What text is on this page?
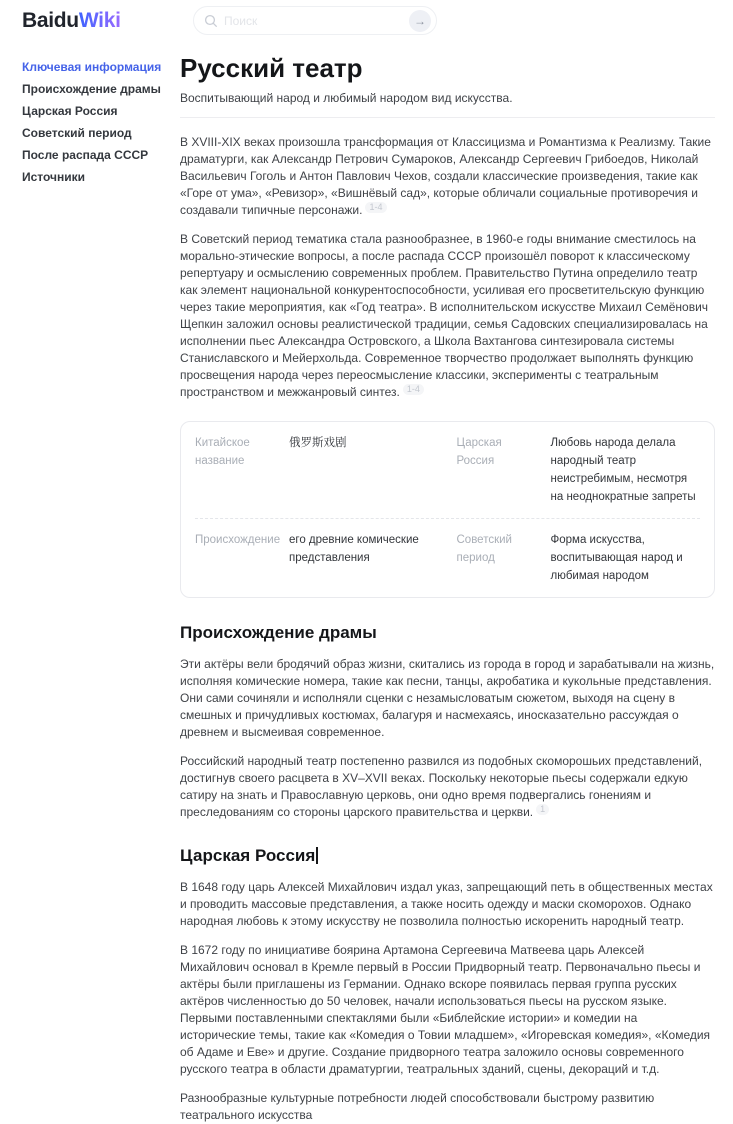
BaiduWiki
Поиск	→
Ключевая информация
Происхождение драмы
Царская Россия
Советский период
После распада СССР
Источники
Русский театр

Воспитывающий народ и любимый народом вид искусства.

В XVIII-XIX веках произошла трансформация от Классицизма и Романтизма к Реализму. Такие драматурги, как Александр Петрович Сумароков, Александр Сергеевич Грибоедов, Николай Васильевич Гоголь и Антон Павлович Чехов, создали классические произведения, такие как «Горе от ума», «Ревизор», «Вишнёвый сад», которые обличали социальные противоречия и создавали типичные персонажи. $^{1-4}$

В Советский период тематика стала разнообразнее, в 1960-е годы внимание сместилось на морально-этические вопросы, а после распада СССР произошёл поворот к классическому репертуару и осмыслению современных проблем. Правительство Путина определило театр как элемент национальной конкурентоспособности, усиливая его просветительскую функцию через такие мероприятия, как «Год театра». В исполнительском искусстве Михаил Семёнович Щепкин заложил основы реалистической традиции, семья Садовских специализировалась на исполнении пьес Александра Островского, а Школа Вахтангова синтезировала системы Станиславского и Мейерхольда. Современное творчество продолжает выполнять функцию просвещения народа через переосмысление классики, эксперименты с театральным пространством и межжанровый синтез. $^{1-4}$

Китайское название
俄罗斯戏剧	Царская Россия
Любовь народа делала народный театр неистребимым, несмотря на неоднократные запреты
Происхождение его древние комические представления
Советский период
Форма искусства, воспитывающая народ и любимая народом
Происхождение драмы

Эти актёры вели бродячий образ жизни, скитались из города в город и зарабатывали на жизнь, исполняя комические номера, такие как песни, танцы, акробатика и кукольные представления. Они сами сочиняли и исполняли сценки с незамысловатым сюжетом, выходя на сцену в смешных и причудливых костюмах, балагуря и насмехаясь, иносказательно рассуждая о древнем и высмеивая современное.

Российский народный театр постепенно развился из подобных скоморошьих представлений, достигнув своего расцвета в XV–XVII веках. Поскольку некоторые пьесы содержали едкую сатиру на знать и Православную церковь, они одно время подвергались гонениям и преследованиям со стороны царского правительства и церкви. $^1$

Царская Россия

В 1648 году царь Алексей Михайлович издал указ, запрещающий петь в общественных местах и проводить массовые представления, а также носить одежду и маски скоморохов. Однако народная любовь к этому искусству не позволила полностью искоренить народный театр.

В 1672 году по инициативе боярина Артамона Сергеевича Матвеева царь Алексей Михайлович основал в Кремле первый в России Придворный театр. Первоначально пьесы и актёры были приглашены из Германии. Однако вскоре появилась первая группа русских актёров численностью до 50 человек, начали использоваться пьесы на русском языке. Первыми поставленными спектаклями были «Библейские истории» и комедии на исторические темы, такие как «Комедия о Товии младшем», «Игоревская комедия», «Комедия об Адаме и Еве» и другие. Создание придворного театра заложило основы современного русского театра в области драматургии, театральных зданий, сцены, декораций и т.д.

Разнообразные культурные потребности людей способствовали быстрому развитию театрального искусства
